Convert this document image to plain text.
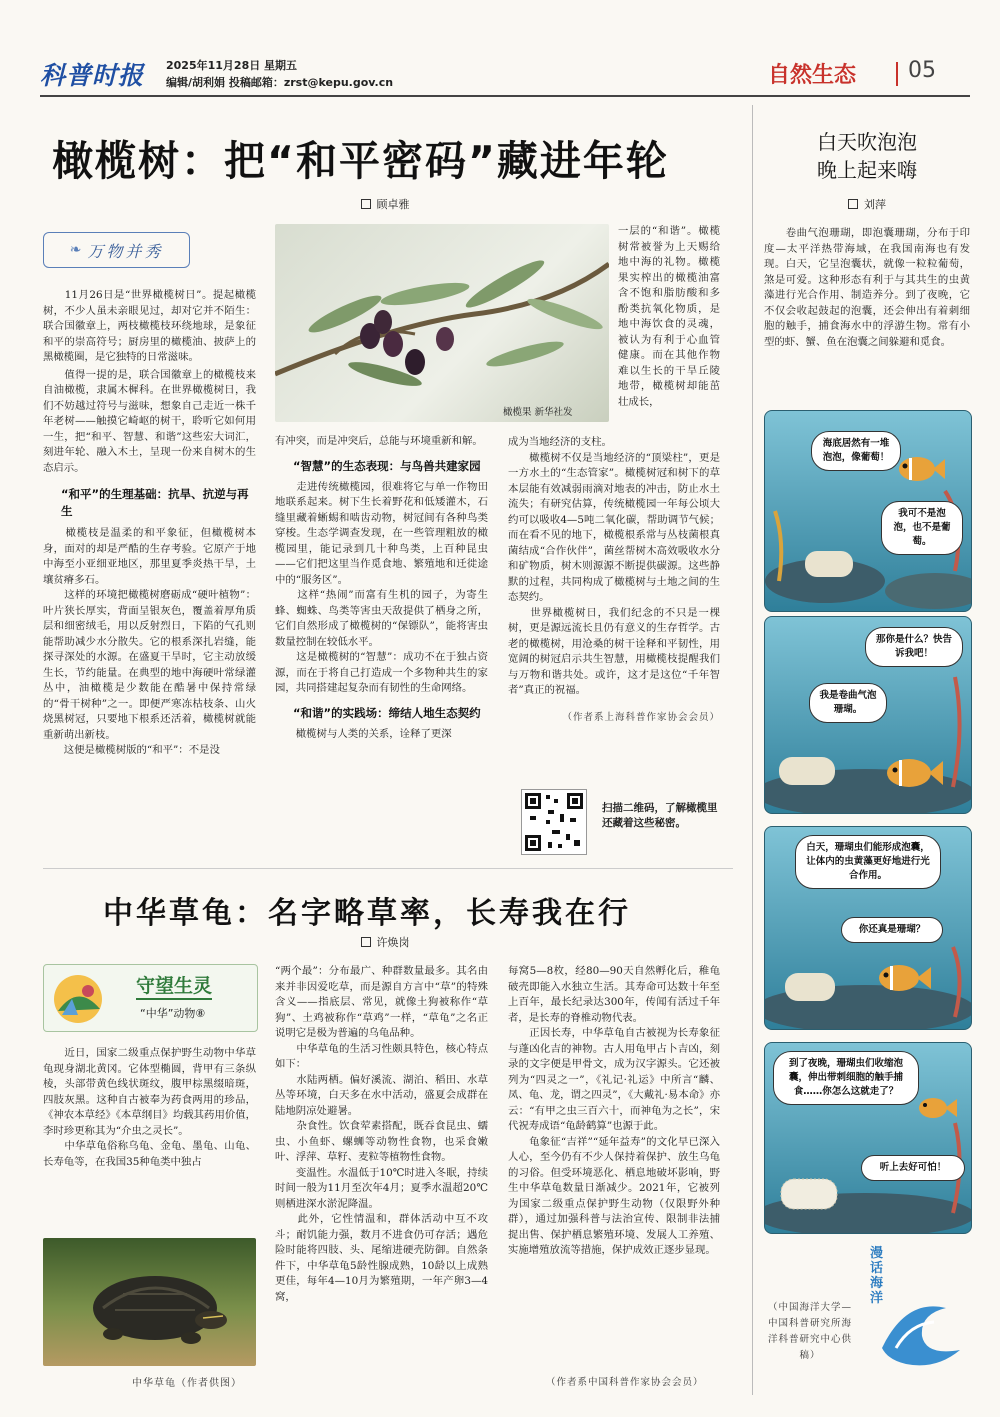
科普时报 2025年11月28日 星期五
编辑/胡利娟 投稿邮箱：zrst@kepu.gov.cn	自然生态 05
橄榄树：把“和平密码”藏进年轮
顾卓雅
❧ 万物并秀
　　11月26日是“世界橄榄树日”。提起橄榄树，不少人虽未亲眼见过，却对它并不陌生：联合国徽章上，两枝橄榄枝环绕地球，是象征和平的崇高符号；厨房里的橄榄油、披萨上的黑橄榄圈，是它独特的日常滋味。
　　值得一提的是，联合国徽章上的橄榄枝来自油橄榄，隶属木樨科。在世界橄榄树日，我们不妨越过符号与滋味，想象自己走近一株千年老树——触摸它崎岖的树干，聆听它如何用一生，把“和平、智慧、和谐”这些宏大词汇，刻进年轮、融入木土，呈现一份来自树木的生态启示。
“和平”的生理基础：抗旱、抗逆与再生
　　橄榄枝是温柔的和平象征，但橄榄树本身，面对的却是严酷的生存考验。它原产于地中海至小亚细亚地区，那里夏季炎热干旱，土壤贫瘠多石。
　　这样的环境把橄榄树磨砺成“硬叶植物”：叶片狭长厚实，背面呈银灰色，覆盖着厚角质层和细密绒毛，用以反射烈日，下陷的气孔则能帮助减少水分散失。它的根系深扎岩缝，能探寻深处的水源。在盛夏干旱时，它主动放缓生长，节约能量。在典型的地中海硬叶常绿灌丛中，油橄榄是少数能在酷暑中保持常绿的“骨干树种”之一。即便严寒冻枯枝条、山火烧黑树冠，只要地下根系还活着，橄榄树就能重新萌出新枝。
　　这便是橄榄树版的“和平”：不是没
橄榄果 新华社发
有冲突，而是冲突后，总能与环境重新和解。
“智慧”的生态表现：与鸟兽共建家园
　　走进传统橄榄园，很难将它与单一作物田地联系起来。树下生长着野花和低矮灌木，石缝里藏着蜥蜴和啮齿动物，树冠间有各种鸟类穿梭。生态学调查发现，在一些管理粗放的橄榄园里，能记录到几十种鸟类，上百种昆虫——它们把这里当作觅食地、繁殖地和迁徙途中的“服务区”。
　　这样“热闹”而富有生机的园子，为寄生蜂、蜘蛛、鸟类等害虫天敌提供了栖身之所，它们自然形成了橄榄树的“保镖队”，能将害虫数量控制在较低水平。
　　这是橄榄树的“智慧”：成功不在于独占资源，而在于将自己打造成一个多物种共生的家园，共同搭建起复杂而有韧性的生命网络。
“和谐”的实践场：缔结人地生态契约
　　橄榄树与人类的关系，诠释了更深
一层的“和谐”。橄榄树常被誉为上天赐给地中海的礼物。橄榄果实榨出的橄榄油富含不饱和脂肪酸和多酚类抗氧化物质，是地中海饮食的灵魂，被认为有利于心血管健康。而在其他作物难以生长的干旱丘陵地带，橄榄树却能茁壮成长，
成为当地经济的支柱。
　　橄榄树不仅是当地经济的“顶梁柱”，更是一方水土的“生态管家”。橄榄树冠和树下的草本层能有效减弱雨滴对地表的冲击，防止水土流失；有研究估算，传统橄榄园一年每公顷大约可以吸收4—5吨二氧化碳，帮助调节气候；而在看不见的地下，橄榄根系常与丛枝菌根真菌结成“合作伙伴”，菌丝帮树木高效吸收水分和矿物质，树木则源源不断提供碳源。这些静默的过程，共同构成了橄榄树与土地之间的生态契约。
　　世界橄榄树日，我们纪念的不只是一棵树，更是源远流长且仍有意义的生存哲学。古老的橄榄树，用沧桑的树干诠释和平韧性，用宽阔的树冠启示共生智慧，用橄榄枝提醒我们与万物和谐共处。或许，这才是这位“千年智者”真正的祝福。
（作者系上海科普作家协会会员）
扫描二维码，了解橄榄里还藏着这些秘密。
中华草龟：名字略草率，长寿我在行
许焕岗
守望生灵
“中华”动物⑧
　　近日，国家二级重点保护野生动物中华草龟现身湖北黄冈。它体型椭圆，背甲有三条纵棱，头部带黄色线状斑纹，腹甲棕黑缀暗斑，四肢灰黑。这种自古被奉为药食两用的珍品，《神农本草经》《本草纲目》均载其药用价值，李时珍更称其为“介虫之灵长”。
　　中华草龟俗称乌龟、金龟、墨龟、山龟、长寿龟等，在我国35种龟类中独占
中华草龟（作者供图）
“两个最”：分布最广、种群数量最多。其名由来并非因爱吃草，而是源自方言中“草”的特殊含义——指底层、常见，就像土狗被称作“草狗”、土鸡被称作“草鸡”一样，“草龟”之名正说明它是极为普遍的乌龟品种。
　　中华草龟的生活习性颇具特色，核心特点如下：
　　水陆两栖。偏好溪流、湖泊、稻田、水草丛等环境，白天多在水中活动，盛夏会成群在陆地阴凉处避暑。
　　杂食性。饮食荤素搭配，既吞食昆虫、蠕虫、小鱼虾、螺蛳等动物性食物，也采食嫩叶、浮萍、草籽、麦粒等植物性食物。
　　变温性。水温低于10℃时进入冬眠，持续时间一般为11月至次年4月；夏季水温超20℃则栖进深水淤泥降温。
　　此外，它性情温和，群体活动中互不攻斗；耐饥能力强，数月不进食仍可存活；遇危险时能将四肢、头、尾缩进硬壳防御。自然条件下，中华草龟5龄性腺成熟，10龄以上成熟更佳，每年4—10月为繁殖期，一年产卵3—4窝，
每窝5—8枚，经80—90天自然孵化后，稚龟破壳即能入水独立生活。其寿命可达数十年至上百年，最长纪录达300年，传闻有活过千年者，是长寿的脊椎动物代表。
　　正因长寿，中华草龟自古被视为长寿象征与蓬凶化吉的神物。古人用龟甲占卜吉凶，刻录的文字便是甲骨文，成为汉字源头。它还被列为“四灵之一”，《礼记·礼运》中所言“麟、凤、龟、龙，谓之四灵”，《大戴礼·易本命》亦云：“有甲之虫三百六十，而神龟为之长”，宋代祝寿成语“龟龄鹤算”也源于此。
　　龟象征“吉祥”“延年益寿”的文化早已深入人心，至今仍有不少人保持着保护、放生乌龟的习俗。但受环境恶化、栖息地破坏影响，野生中华草龟数量日渐减少。2021年，它被列为国家二级重点保护野生动物（仅限野外种群），通过加强科普与法治宣传、限制非法捕捉出售、保护栖息繁殖环境、发展人工养殖、实施增殖放流等措施，保护成效正逐步显现。
（作者系中国科普作家协会会员）
白天吹泡泡
晚上起来嗨
刘萍
　　卷曲气泡珊瑚，即泡囊珊瑚，分布于印度—太平洋热带海域，在我国南海也有发现。白天，它呈泡囊状，就像一粒粒葡萄，煞是可爱。这种形态有利于与其共生的虫黄藻进行光合作用、制造养分。到了夜晚，它不仅会收起鼓起的泡囊，还会伸出有着刺细胞的触手，捕食海水中的浮游生物。常有小型的虾、蟹、鱼在泡囊之间躲避和觅食。
海底居然有一堆泡泡，像葡萄！
我可不是泡泡，也不是葡萄。
那你是什么？快告诉我吧！
我是卷曲气泡珊瑚。
白天，珊瑚虫们能形成泡囊，让体内的虫黄藻更好地进行光合作用。
你还真是珊瑚？
到了夜晚，珊瑚虫们收缩泡囊，伸出带刺细胞的触手捕食……你怎么这就走了？
听上去好可怕！
（中国海洋大学—中国科普研究所海洋科普研究中心供稿）
漫话海洋
